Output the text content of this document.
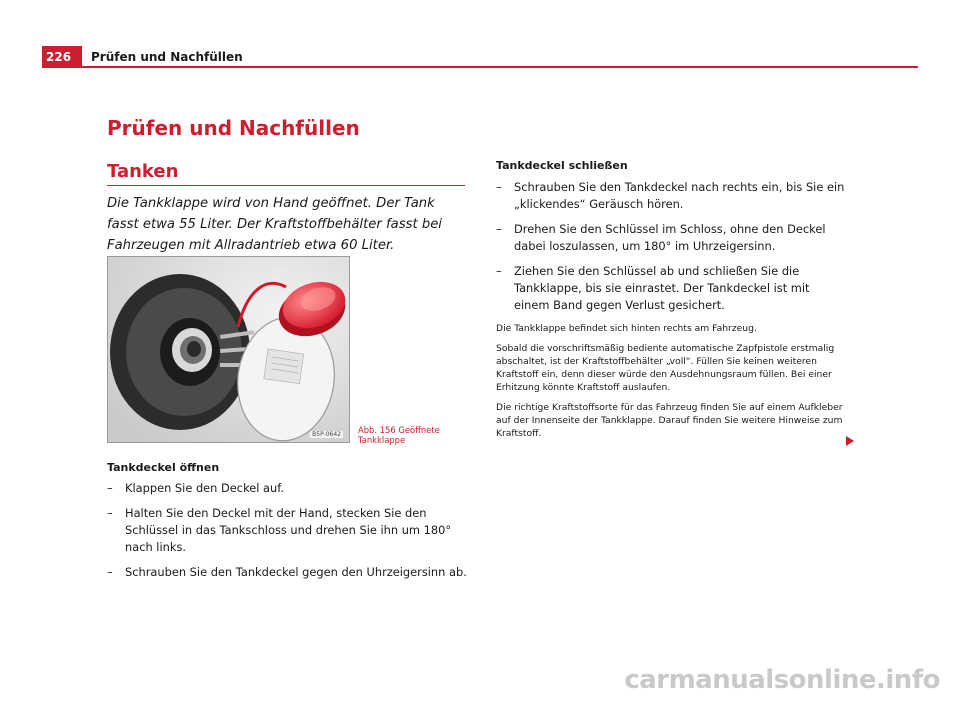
226	Prüfen und Nachfüllen
Prüfen und Nachfüllen
Tanken
Die Tankklappe wird von Hand geöffnet. Der Tank fasst etwa 55 Liter. Der Kraftstoffbehälter fasst bei Fahrzeugen mit Allradantrieb etwa 60 Liter.
B5P-0642 Abb. 156 Geöffnete
Tankklappe
Tankdeckel öffnen
– Klappen Sie den Deckel auf.
– Halten Sie den Deckel mit der Hand, stecken Sie den Schlüssel in das Tankschloss und drehen Sie ihn um 180° nach links.
– Schrauben Sie den Tankdeckel gegen den Uhrzeigersinn ab.
Tankdeckel schließen
– Schrauben Sie den Tankdeckel nach rechts ein, bis Sie ein „klickendes“ Geräusch hören.
– Drehen Sie den Schlüssel im Schloss, ohne den Deckel dabei loszulassen, um 180° im Uhrzeigersinn.
– Ziehen Sie den Schlüssel ab und schließen Sie die Tankklappe, bis sie einrastet. Der Tankdeckel ist mit einem Band gegen Verlust gesichert.

Die Tankklappe befindet sich hinten rechts am Fahrzeug.

Sobald die vorschriftsmäßig bediente automatische Zapfpistole erstmalig abschaltet, ist der Kraftstoffbehälter „voll“. Füllen Sie keinen weiteren Kraftstoff ein, denn dieser würde den Ausdehnungsraum füllen. Bei einer Erhitzung könnte Kraftstoff auslaufen.

Die richtige Kraftstoffsorte für das Fahrzeug finden Sie auf einem Aufkleber auf der Innenseite der Tankklappe. Darauf finden Sie weitere Hinweise zum Kraftstoff.

carmanualsonline.info
